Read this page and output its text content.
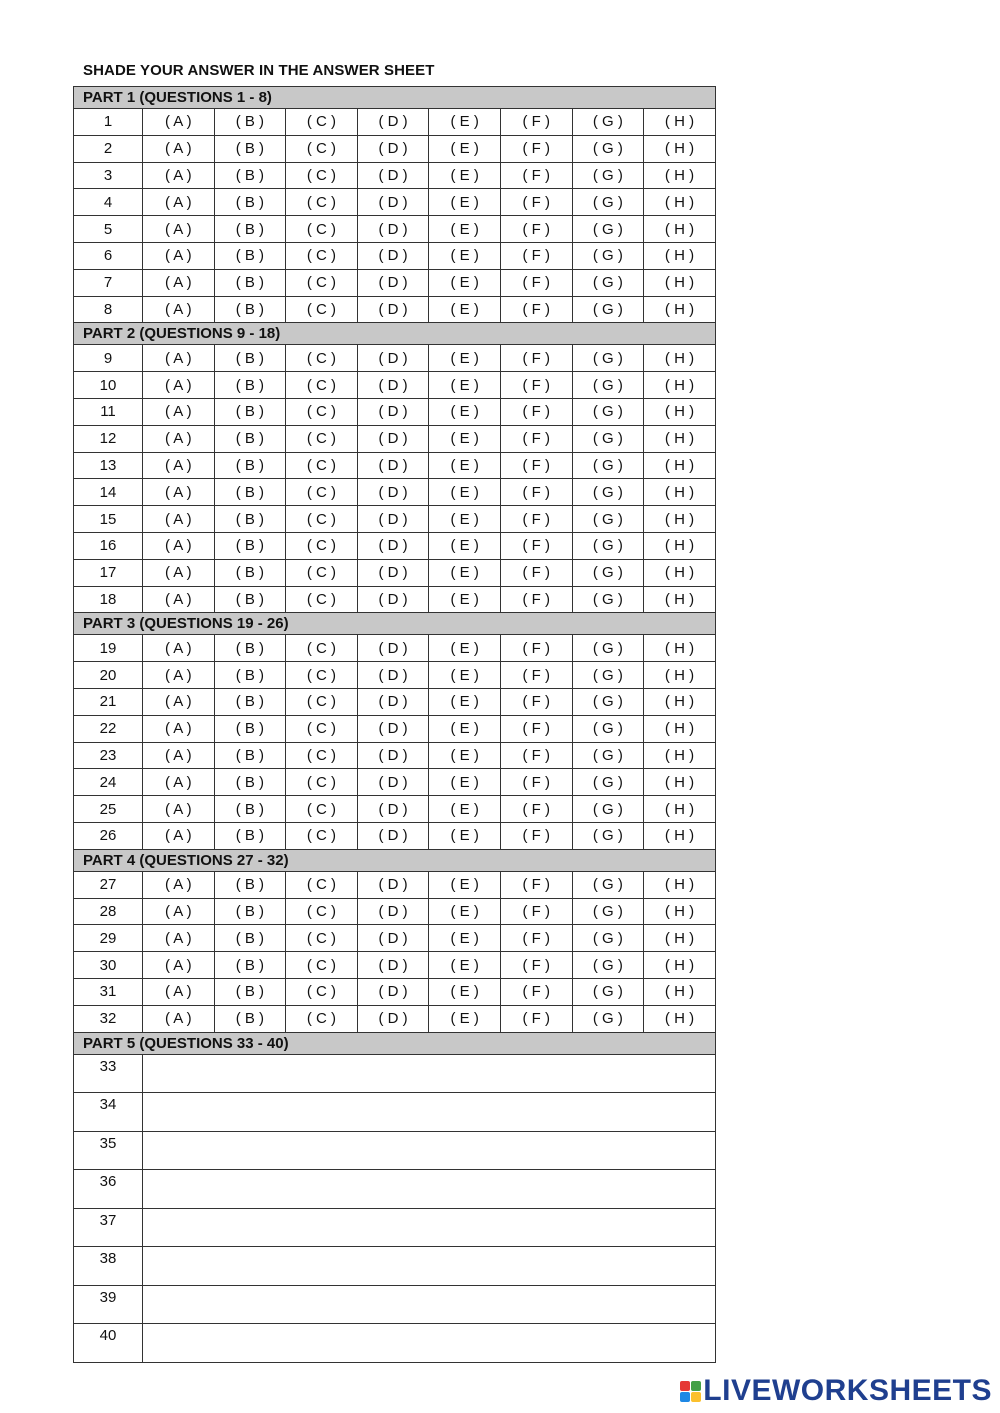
SHADE YOUR ANSWER IN THE ANSWER SHEET
PART 1 (QUESTIONS 1 - 8)								
1	( A )	( B )	( C )	( D )	( E )	( F )	( G )	( H )
2	( A )	( B )	( C )	( D )	( E )	( F )	( G )	( H )
3	( A )	( B )	( C )	( D )	( E )	( F )	( G )	( H )
4	( A )	( B )	( C )	( D )	( E )	( F )	( G )	( H )
5	( A )	( B )	( C )	( D )	( E )	( F )	( G )	( H )
6	( A )	( B )	( C )	( D )	( E )	( F )	( G )	( H )
7	( A )	( B )	( C )	( D )	( E )	( F )	( G )	( H )
8	( A )	( B )	( C )	( D )	( E )	( F )	( G )	( H )
PART 2 (QUESTIONS 9 - 18)								
9	( A )	( B )	( C )	( D )	( E )	( F )	( G )	( H )
10	( A )	( B )	( C )	( D )	( E )	( F )	( G )	( H )
11	( A )	( B )	( C )	( D )	( E )	( F )	( G )	( H )
12	( A )	( B )	( C )	( D )	( E )	( F )	( G )	( H )
13	( A )	( B )	( C )	( D )	( E )	( F )	( G )	( H )
14	( A )	( B )	( C )	( D )	( E )	( F )	( G )	( H )
15	( A )	( B )	( C )	( D )	( E )	( F )	( G )	( H )
16	( A )	( B )	( C )	( D )	( E )	( F )	( G )	( H )
17	( A )	( B )	( C )	( D )	( E )	( F )	( G )	( H )
18	( A )	( B )	( C )	( D )	( E )	( F )	( G )	( H )
PART 3 (QUESTIONS 19 - 26)								
19	( A )	( B )	( C )	( D )	( E )	( F )	( G )	( H )
20	( A )	( B )	( C )	( D )	( E )	( F )	( G )	( H )
21	( A )	( B )	( C )	( D )	( E )	( F )	( G )	( H )
22	( A )	( B )	( C )	( D )	( E )	( F )	( G )	( H )
23	( A )	( B )	( C )	( D )	( E )	( F )	( G )	( H )
24	( A )	( B )	( C )	( D )	( E )	( F )	( G )	( H )
25	( A )	( B )	( C )	( D )	( E )	( F )	( G )	( H )
26	( A )	( B )	( C )	( D )	( E )	( F )	( G )	( H )
PART 4 (QUESTIONS 27 - 32)								
27	( A )	( B )	( C )	( D )	( E )	( F )	( G )	( H )
28	( A )	( B )	( C )	( D )	( E )	( F )	( G )	( H )
29	( A )	( B )	( C )	( D )	( E )	( F )	( G )	( H )
30	( A )	( B )	( C )	( D )	( E )	( F )	( G )	( H )
31	( A )	( B )	( C )	( D )	( E )	( F )	( G )	( H )
32	( A )	( B )	( C )	( D )	( E )	( F )	( G )	( H )
PART 5 (QUESTIONS 33 - 40)								
33								
34								
35								
36								
37								
38								
39								
40								
LIVEWORKSHEETS
